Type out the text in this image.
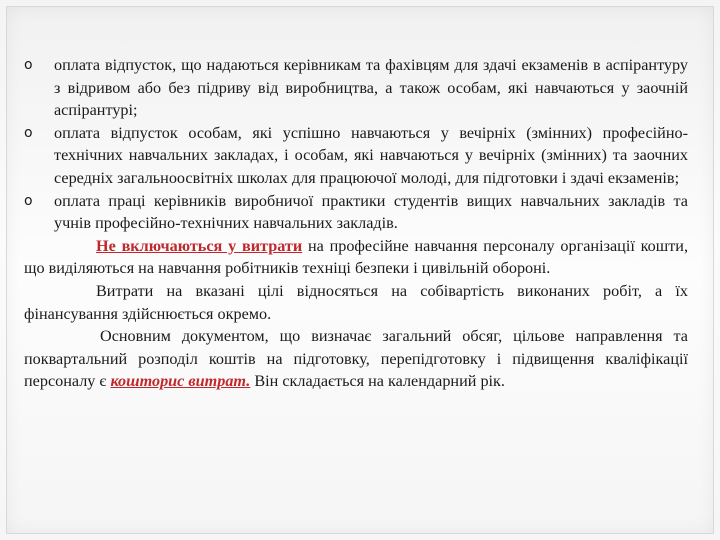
o	оплата відпусток, що надаються керівникам та фахівцям для здачі екзаменів в аспірантуру з відривом або без підриву від виробництва, а також особам, які навчаються у заочній аспірантурі;
o	оплата відпусток особам, які успішно навчаються у вечірніх (змінних) професійно-технічних навчальних закладах, і особам, які навчаються у вечірніх (змінних) та заочних середніх загальноосвітніх школах для працюючої молоді, для підготовки і здачі екзаменів;
o	оплата праці керівників виробничої практики студентів вищих навчальних закладів та учнів професійно-технічних навчальних закладів.

Не включаються у витрати на професійне навчання персоналу організації кошти, що виділяються на навчання робітників техніці безпеки і цивільній обороні.

Витрати на вказані цілі відносяться на собівартість виконаних робіт, а їх фінансування здійснюється окремо.

Основним документом, що визначає загальний обсяг, цільове направлення та поквартальний розподіл коштів на підготовку, перепідготовку і підвищення кваліфікації персоналу є кошторис витрат. Він складається на календарний рік.
